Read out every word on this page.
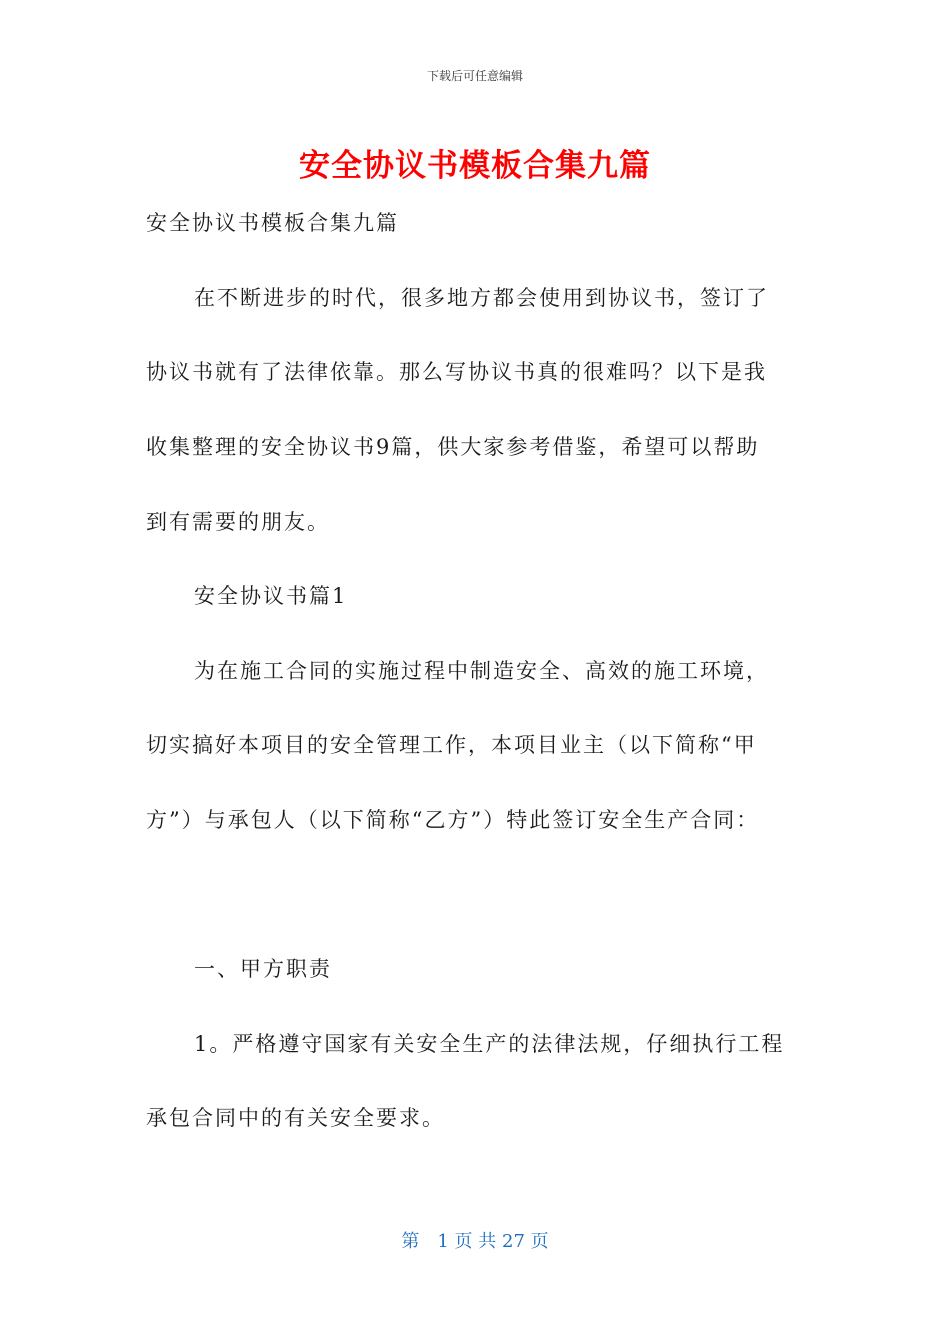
下载后可任意编辑
安全协议书模板合集九篇
安全协议书模板合集九篇
在不断进步的时代，很多地方都会使用到协议书，签订了
协议书就有了法律依靠。那么写协议书真的很难吗？以下是我
收集整理的安全协议书9篇，供大家参考借鉴，希望可以帮助
到有需要的朋友。
安全协议书篇1
为在施工合同的实施过程中制造安全、高效的施工环境，
切实搞好本项目的安全管理工作，本项目业主（以下简称“甲
方”）与承包人（以下简称“乙方”）特此签订安全生产合同：
一、甲方职责
1。严格遵守国家有关安全生产的法律法规，仔细执行工程
承包合同中的有关安全要求。
第　1 页 共 27 页
